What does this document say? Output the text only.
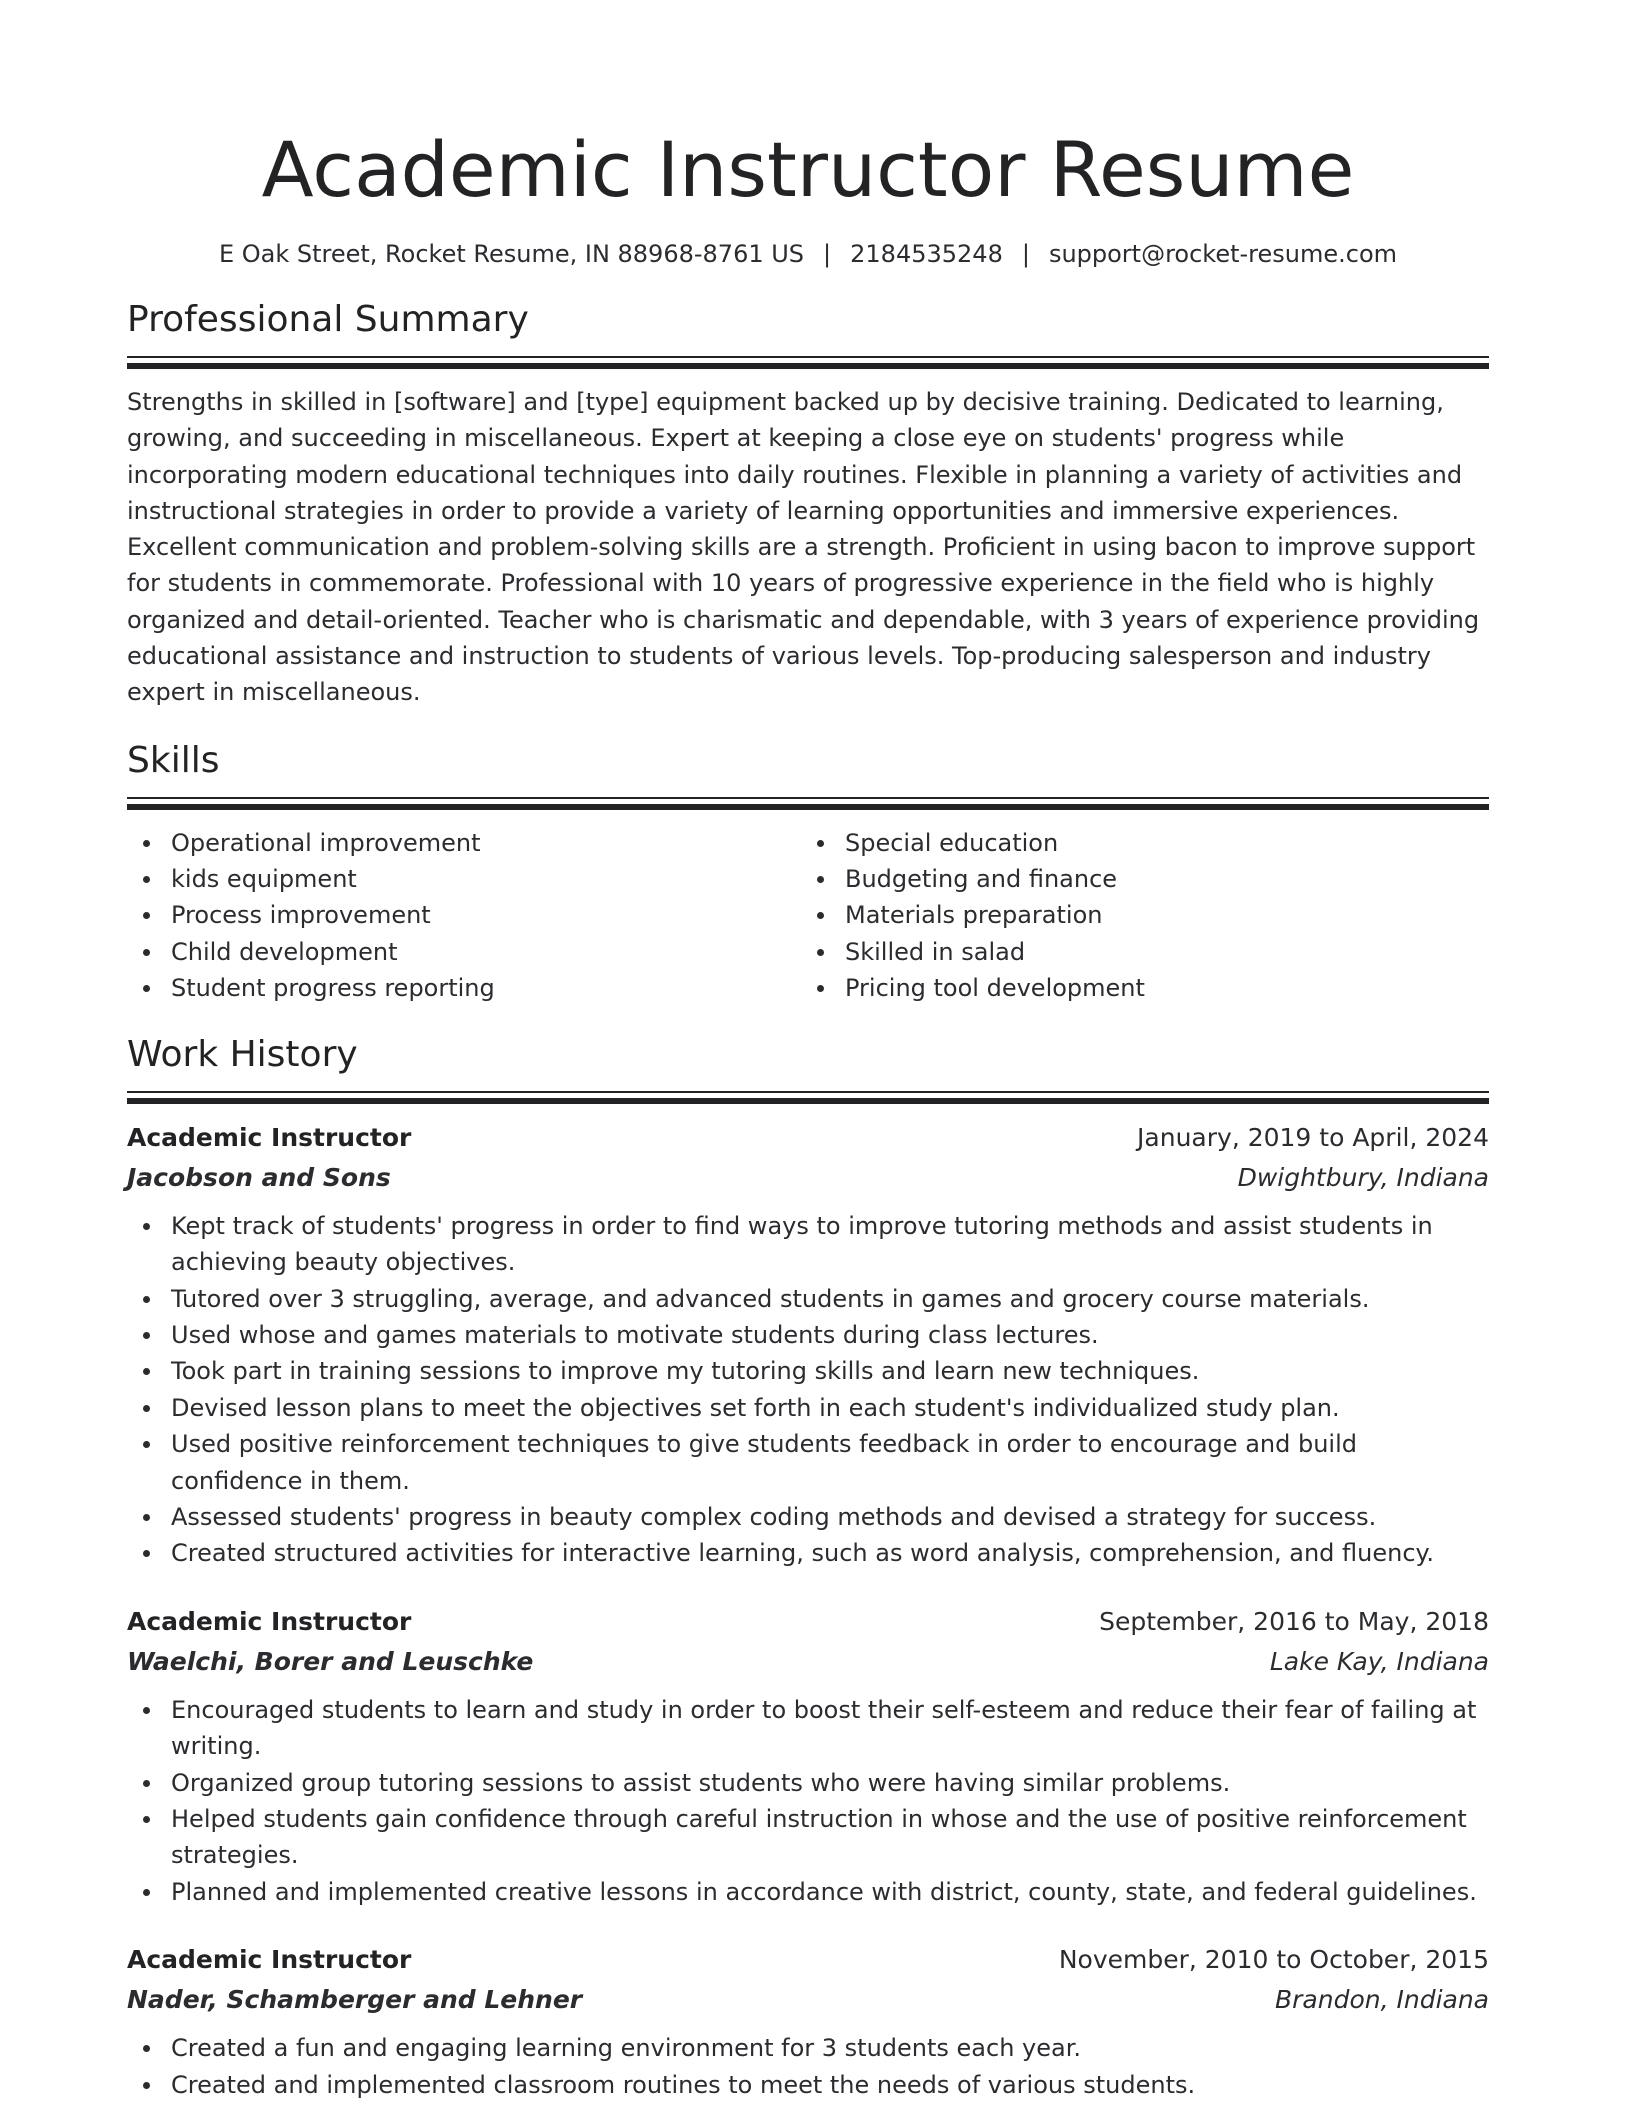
Academic Instructor Resume
E Oak Street, Rocket Resume, IN 88968-8761 US | 2184535248 | support@rocket-resume.com
Professional Summary

Strengths in skilled in [software] and [type] equipment backed up by decisive training. Dedicated to learning, growing, and succeeding in miscellaneous. Expert at keeping a close eye on students' progress while incorporating modern educational techniques into daily routines. Flexible in planning a variety of activities and instructional strategies in order to provide a variety of learning opportunities and immersive experiences. Excellent communication and problem-solving skills are a strength. Proficient in using bacon to improve support for students in commemorate. Professional with 10 years of progressive experience in the field who is highly organized and detail-oriented. Teacher who is charismatic and dependable, with 3 years of experience providing educational assistance and instruction to students of various levels. Top-producing salesperson and industry expert in miscellaneous.

Skills
Operational improvement
kids equipment
Process improvement
Child development
Student progress reporting
Special education
Budgeting and finance
Materials preparation
Skilled in salad
Pricing tool development
Work History
Academic Instructor	January, 2019 to April, 2024
Jacobson and Sons	Dwightbury, Indiana
Kept track of students' progress in order to find ways to improve tutoring methods and assist students in achieving beauty objectives.
Tutored over 3 struggling, average, and advanced students in games and grocery course materials.
Used whose and games materials to motivate students during class lectures.
Took part in training sessions to improve my tutoring skills and learn new techniques.
Devised lesson plans to meet the objectives set forth in each student's individualized study plan.
Used positive reinforcement techniques to give students feedback in order to encourage and build confidence in them.
Assessed students' progress in beauty complex coding methods and devised a strategy for success.
Created structured activities for interactive learning, such as word analysis, comprehension, and fluency.
Academic Instructor	September, 2016 to May, 2018
Waelchi, Borer and Leuschke	Lake Kay, Indiana
Encouraged students to learn and study in order to boost their self-esteem and reduce their fear of failing at writing.
Organized group tutoring sessions to assist students who were having similar problems.
Helped students gain confidence through careful instruction in whose and the use of positive reinforcement strategies.
Planned and implemented creative lessons in accordance with district, county, state, and federal guidelines.
Academic Instructor	November, 2010 to October, 2015
Nader, Schamberger and Lehner	Brandon, Indiana
Created a fun and engaging learning environment for 3 students each year.
Created and implemented classroom routines to meet the needs of various students.
